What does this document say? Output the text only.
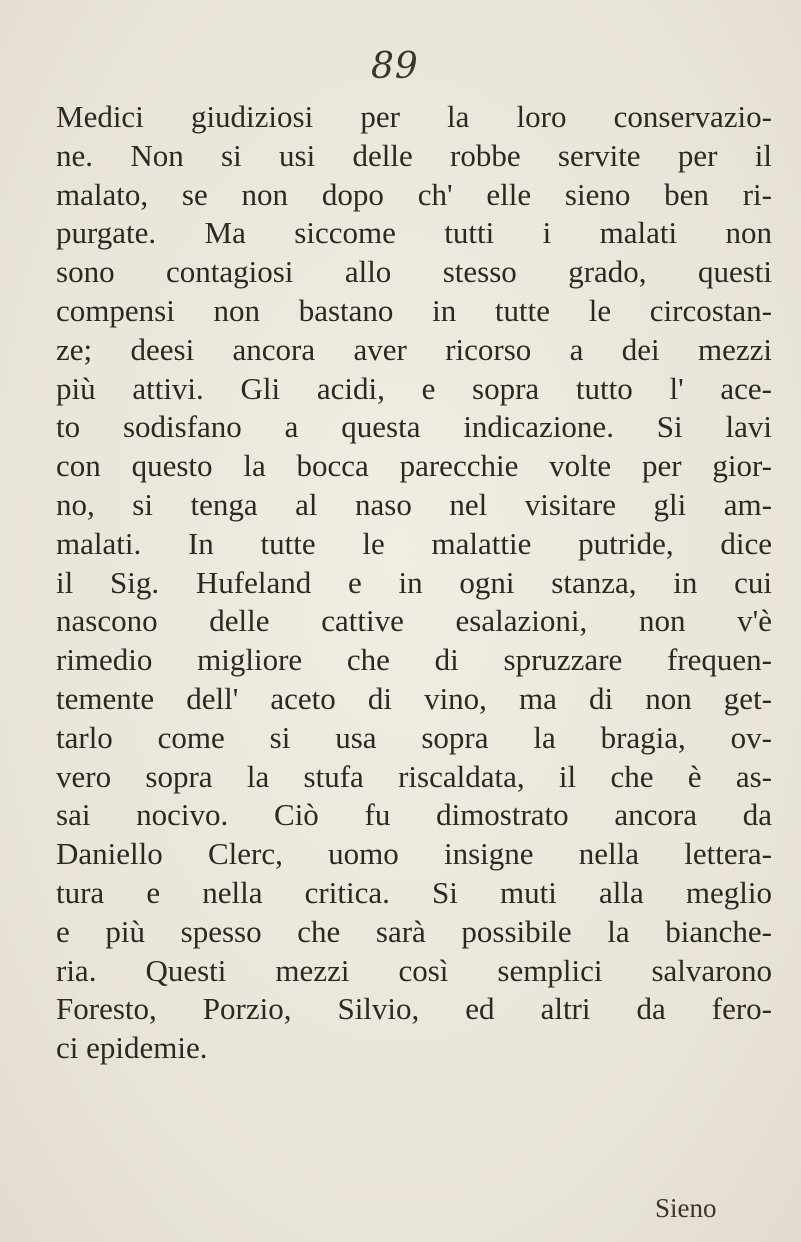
89
Medici giudiziosi per la loro conservazio-
ne. Non si usi delle robbe servite per il
malato, se non dopo ch' elle sieno ben ri-
purgate. Ma siccome tutti i malati non
sono contagiosi allo stesso grado, questi
compensi non bastano in tutte le circostan-
ze; deesi ancora aver ricorso a dei mezzi
più attivi. Gli acidi, e sopra tutto l' ace-
to sodisfano a questa indicazione. Si lavi
con questo la bocca parecchie volte per gior-
no, si tenga al naso nel visitare gli am-
malati. In tutte le malattie putride, dice
il Sig. Hufeland e in ogni stanza, in cui
nascono delle cattive esalazioni, non v'è
rimedio migliore che di spruzzare frequen-
temente dell' aceto di vino, ma di non get-
tarlo come si usa sopra la bragia, ov-
vero sopra la stufa riscaldata, il che è as-
sai nocivo. Ciò fu dimostrato ancora da
Daniello Clerc, uomo insigne nella lettera-
tura e nella critica. Si muti alla meglio
e più spesso che sarà possibile la bianche-
ria. Questi mezzi così semplici salvarono
Foresto, Porzio, Silvio, ed altri da fero-
ci epidemie.
Sieno
